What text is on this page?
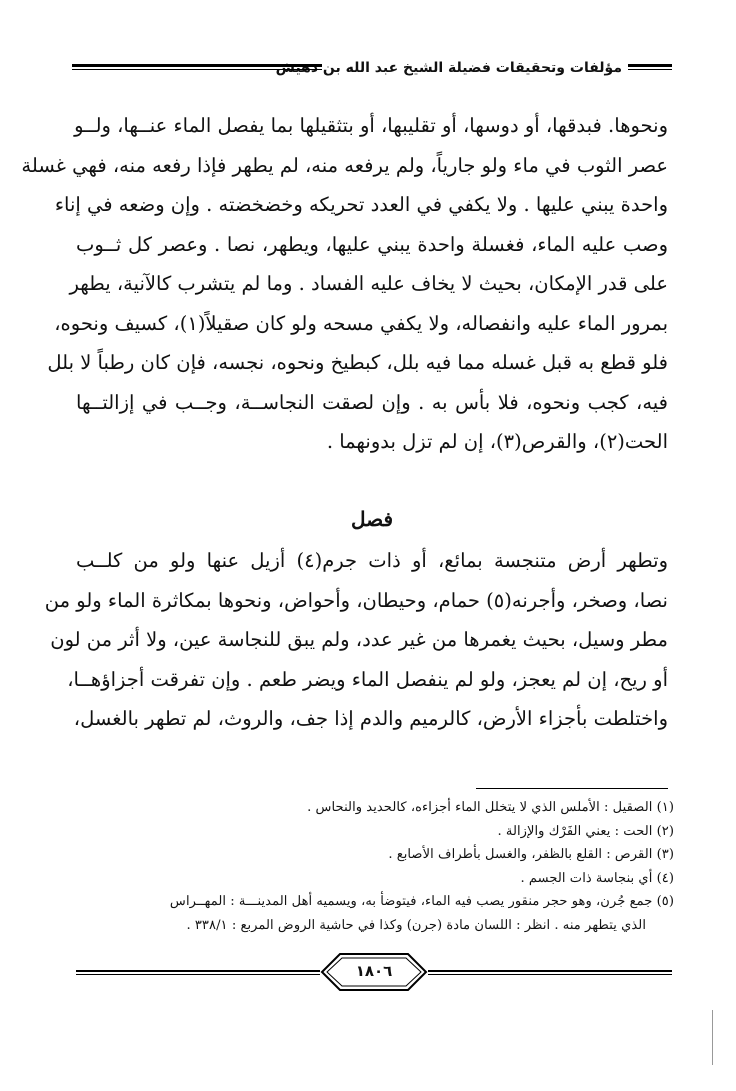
مؤلفات وتحقيقات فضيلة الشيخ عبد الله بن دهيش
ونحوها. فبدقها، أو دوسها، أو تقليبها، أو بتثقيلها بما يفصل الماء عنــها، ولــو
عصر الثوب في ماء ولو جارياً، ولم يرفعه منه، لم يطهر فإذا رفعه منه، فهي غسلة
واحدة يبني عليها . ولا يكفي في العدد تحريكه وخضخضته . وإن وضعه في إناء
وصب عليه الماء، فغسلة واحدة يبني عليها، ويطهر، نصا . وعصر كل ثــوب
على قدر الإمكان، بحيث لا يخاف عليه الفساد . وما لم يتشرب كالآنية، يطهر
بمرور الماء عليه وانفصاله، ولا يكفي مسحه ولو كان صقيلاً(١)، كسيف ونحوه،
فلو قطع به قبل غسله مما فيه بلل، كبطيخ ونحوه، نجسه، فإن كان رطباً لا بلل
فيه، كجب ونحوه، فلا بأس به . وإن لصقت النجاســة، وجــب في إزالتــها
الحت(٢)، والقرص(٣)، إن لم تزل بدونهما .
فصل
وتطهر أرض متنجسة بمائع، أو ذات جرم(٤) أزيل عنها ولو من كلــب
نصا، وصخر، وأجرنه(٥) حمام، وحيطان، وأحواض، ونحوها بمكاثرة الماء ولو من
مطر وسيل، بحيث يغمرها من غير عدد، ولم يبق للنجاسة عين، ولا أثر من لون
أو ريح، إن لم يعجز، ولو لم ينفصل الماء ويضر طعم . وإن تفرقت أجزاؤهــا،
واختلطت بأجزاء الأرض، كالرميم والدم إذا جف، والروث، لم تطهر بالغسل،
(١) الصقيل : الأملس الذي لا يتخلل الماء أجزاءه، كالحديد والنحاس .
(٢) الحت : يعني الفَرْك والإزالة .
(٣) القرص : القلع بالظفر، والغسل بأطراف الأصابع .
(٤) أي بنجاسة ذات الجسم .
(٥) جمع جُرن، وهو حجر منقور يصب فيه الماء، فيتوضأ به، ويسميه أهل المدينـــة : المهــراس
الذي يتطهر منه . انظر : اللسان مادة (جرن) وكذا في حاشية الروض المربع : ٣٣٨/١ .
١٨٠٦
